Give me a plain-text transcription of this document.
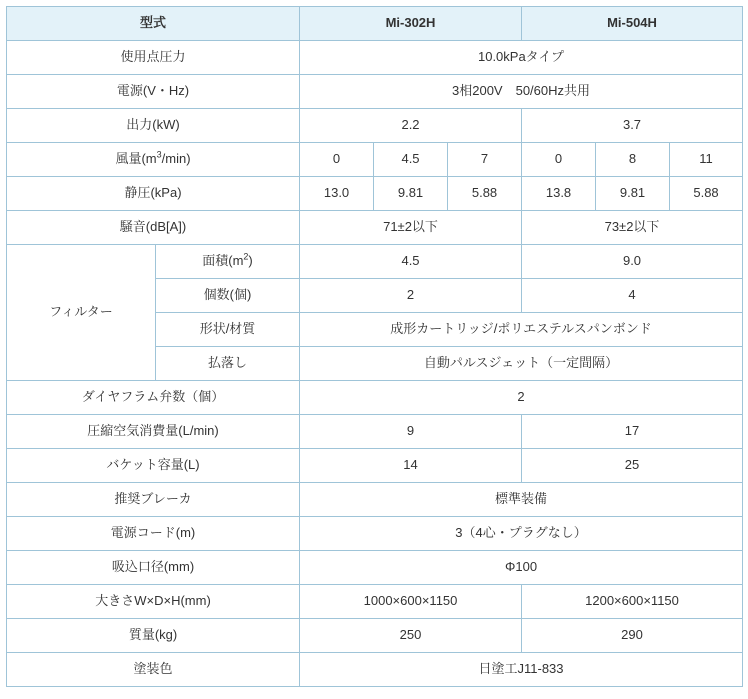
型式		Mi-302H			Mi-504H		
使用点圧力		10.0kPaタイプ					
電源(V・Hz)		3相200V　50/60Hz共用					
出力(kW)		2.2			3.7		
風量$(m^3/\min)$		0	4.5	7	0	8	11
静圧(kPa)		13.0	9.81	5.88	13.8	9.81	5.88
騒音(dB[A])		71±2以下			73±2以下		
フィルター	面積$(m^2)$	4.5			9.0		
	個数(個)	2			4		
	形状/材質	成形カートリッジ/ポリエステルスパンボンド					
	払落し	自動パルスジェット（一定間隔）					
ダイヤフラム弁数（個）		2					
圧縮空気消費量(L/min)		9			17		
バケット容量(L)		14			25		
推奨ブレーカ		標準装備					
電源コード(m)		3（4心・プラグなし）					
吸込口径(mm)		Φ100					
大きさW×D×H(mm)		1000×600×1150			1200×600×1150		
質量(kg)		250			290		
塗装色		日塗工J11-833					
